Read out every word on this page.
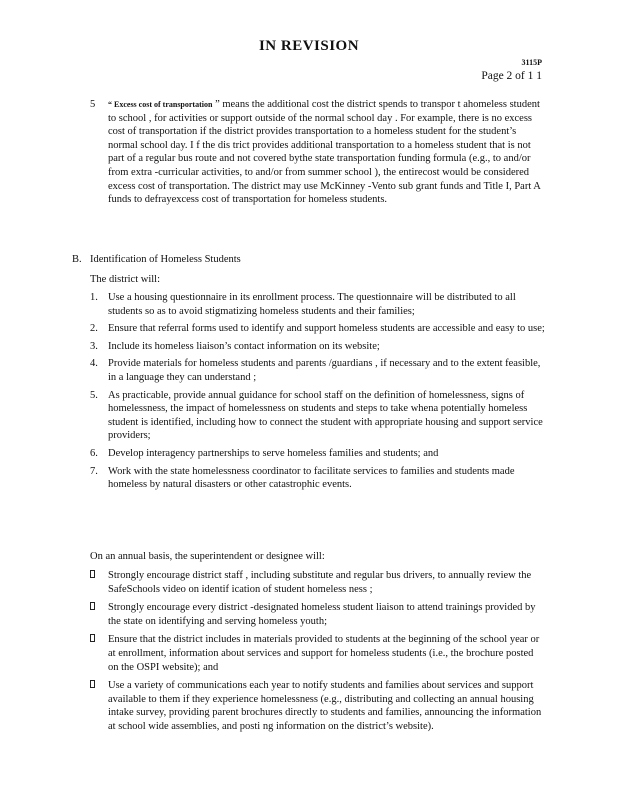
IN REVISION
3115P
Page 2 of 1 1
5 “ Excess cost of transportation ” means the additional cost the district spends to transpor t ahomeless student to school , for activities or support outside of the normal school day . For example, there is no excess cost of transportation if the district provides transportation to a homeless student for the student’s normal school day. I f the dis trict provides additional transportation to a homeless student that is not part of a regular bus route and not covered bythe state transportation funding formula (e.g., to and/or from extra -curricular activities, to and/or from summer school ), the entirecost would be considered excess cost of transportation. The district may use McKinney -Vento sub grant funds and Title I, Part A funds to defrayexcess cost of transportation for homeless students.
B. Identification of Homeless Students
The district will:
1. Use a housing questionnaire in its enrollment process. The questionnaire will be distributed to all students so as to avoid stigmatizing homeless students and their families;
2. Ensure that referral forms used to identify and support homeless students are accessible and easy to use;
3. Include its homeless liaison’s contact information on its website;
4. Provide materials for homeless students and parents /guardians , if necessary and to the extent feasible, in a language they can understand ;
5. As practicable, provide annual guidance for school staff on the definition of homelessness, signs of homelessness, the impact of homelessness on students and steps to take whena potentially homeless student is identified, including how to connect the student with appropriate housing and support service providers;
6. Develop interagency partnerships to serve homeless families and students; and
7. Work with the state homelessness coordinator to facilitate services to families and students made homeless by natural disasters or other catastrophic events.
On an annual basis, the superintendent or designee will:
Strongly encourage district staff , including substitute and regular bus drivers, to annually review the SafeSchools video on identif ication of student homeless ness ;
Strongly encourage every district -designated homeless student liaison to attend trainings provided by the state on identifying and serving homeless youth;
Ensure that the district includes in materials provided to students at the beginning of the school year or at enrollment, information about services and support for homeless students (i.e., the brochure posted on the OSPI website); and
Use a variety of communications each year to notify students and families about services and support available to them if they experience homelessness (e.g., distributing and collecting an annual housing intake survey, providing parent brochures directly to students and families, announcing the information at school wide assemblies, and posti ng information on the district’s website).
